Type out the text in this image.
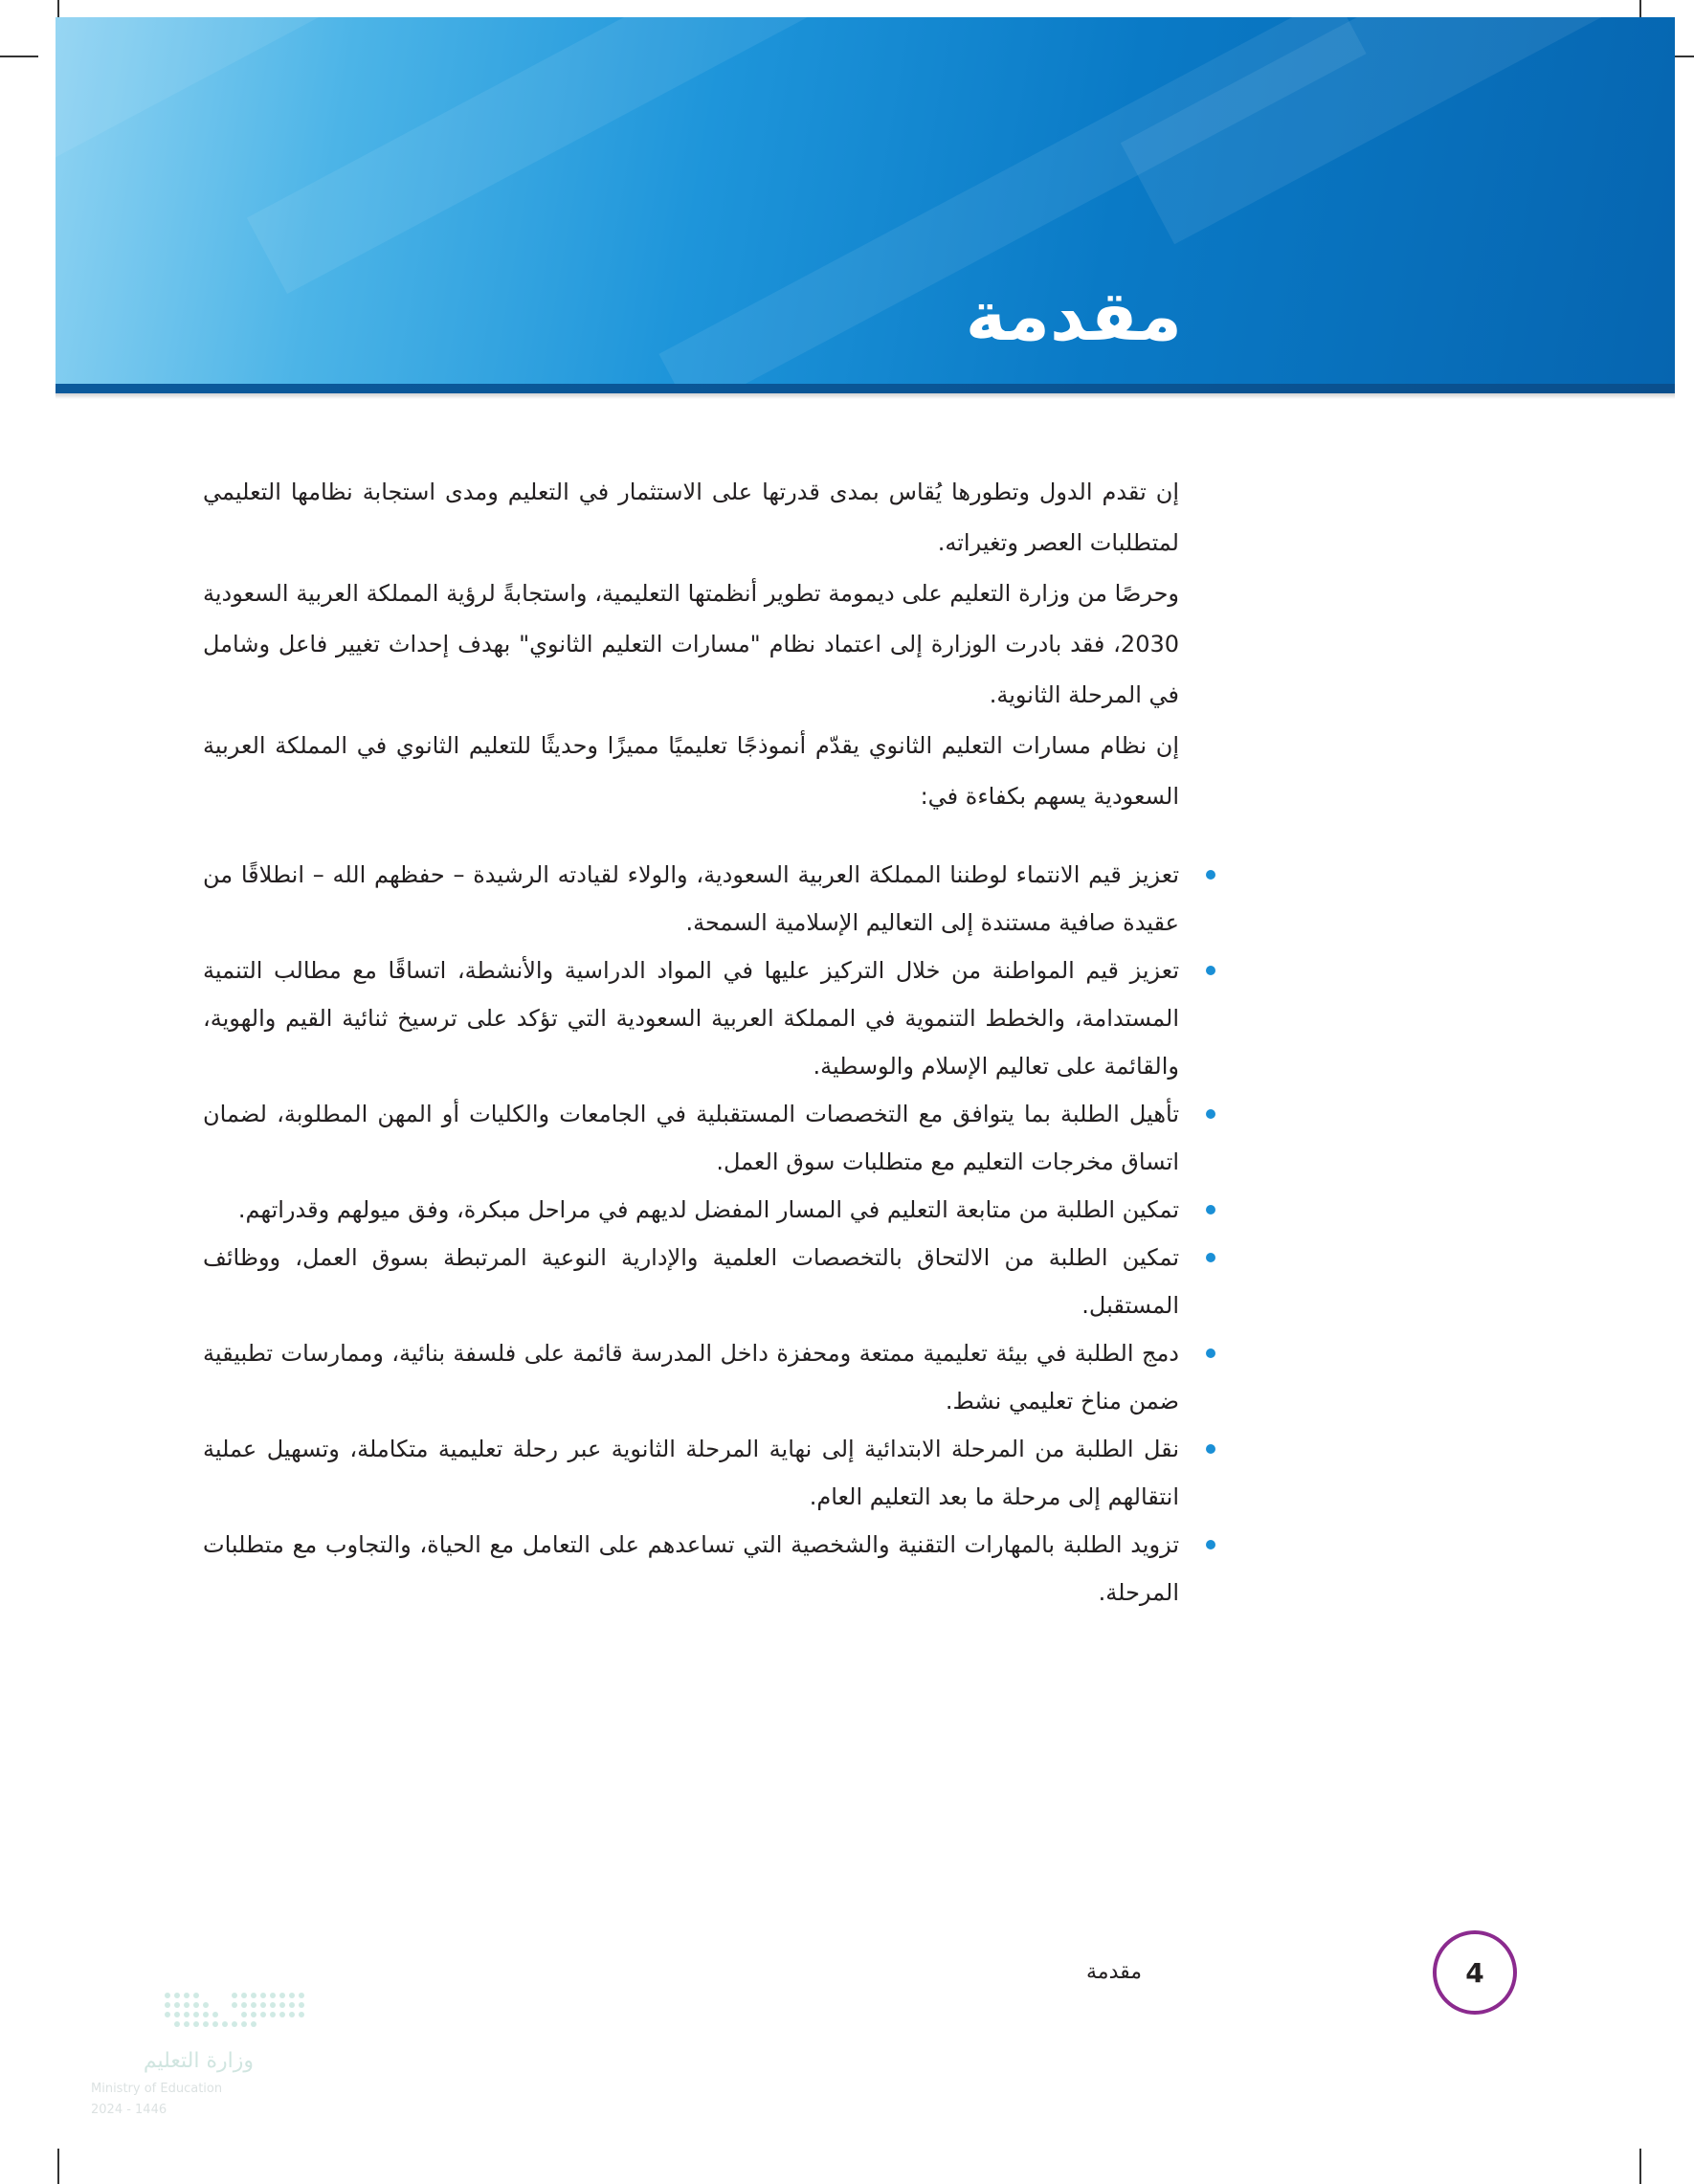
مقدمة

إن تقدم الدول وتطورها يُقاس بمدى قدرتها على الاستثمار في التعليم ومدى استجابة نظامها التعليمي لمتطلبات العصر وتغيراته.

وحرصًا من وزارة التعليم على ديمومة تطوير أنظمتها التعليمية، واستجابةً لرؤية المملكة العربية السعودية 2030، فقد بادرت الوزارة إلى اعتماد نظام "مسارات التعليم الثانوي" بهدف إحداث تغيير فاعل وشامل في المرحلة الثانوية.

إن نظام مسارات التعليم الثانوي يقدّم أنموذجًا تعليميًا مميزًا وحديثًا للتعليم الثانوي في المملكة العربية السعودية يسهم بكفاءة في:

تعزيز قيم الانتماء لوطننا المملكة العربية السعودية، والولاء لقيادته الرشيدة – حفظهم الله – انطلاقًا من عقيدة صافية مستندة إلى التعاليم الإسلامية السمحة.
تعزيز قيم المواطنة من خلال التركيز عليها في المواد الدراسية والأنشطة، اتساقًا مع مطالب التنمية المستدامة، والخطط التنموية في المملكة العربية السعودية التي تؤكد على ترسيخ ثنائية القيم والهوية، والقائمة على تعاليم الإسلام والوسطية.
تأهيل الطلبة بما يتوافق مع التخصصات المستقبلية في الجامعات والكليات أو المهن المطلوبة، لضمان اتساق مخرجات التعليم مع متطلبات سوق العمل.
تمكين الطلبة من متابعة التعليم في المسار المفضل لديهم في مراحل مبكرة، وفق ميولهم وقدراتهم.
تمكين الطلبة من الالتحاق بالتخصصات العلمية والإدارية النوعية المرتبطة بسوق العمل، ووظائف المستقبل.
دمج الطلبة في بيئة تعليمية ممتعة ومحفزة داخل المدرسة قائمة على فلسفة بنائية، وممارسات تطبيقية ضمن مناخ تعليمي نشط.
نقل الطلبة من المرحلة الابتدائية إلى نهاية المرحلة الثانوية عبر رحلة تعليمية متكاملة، وتسهيل عملية انتقالهم إلى مرحلة ما بعد التعليم العام.
تزويد الطلبة بالمهارات التقنية والشخصية التي تساعدهم على التعامل مع الحياة، والتجاوب مع متطلبات المرحلة.
مقدمة	4
وزارة التعليم
Ministry of Education
2024 - 1446
